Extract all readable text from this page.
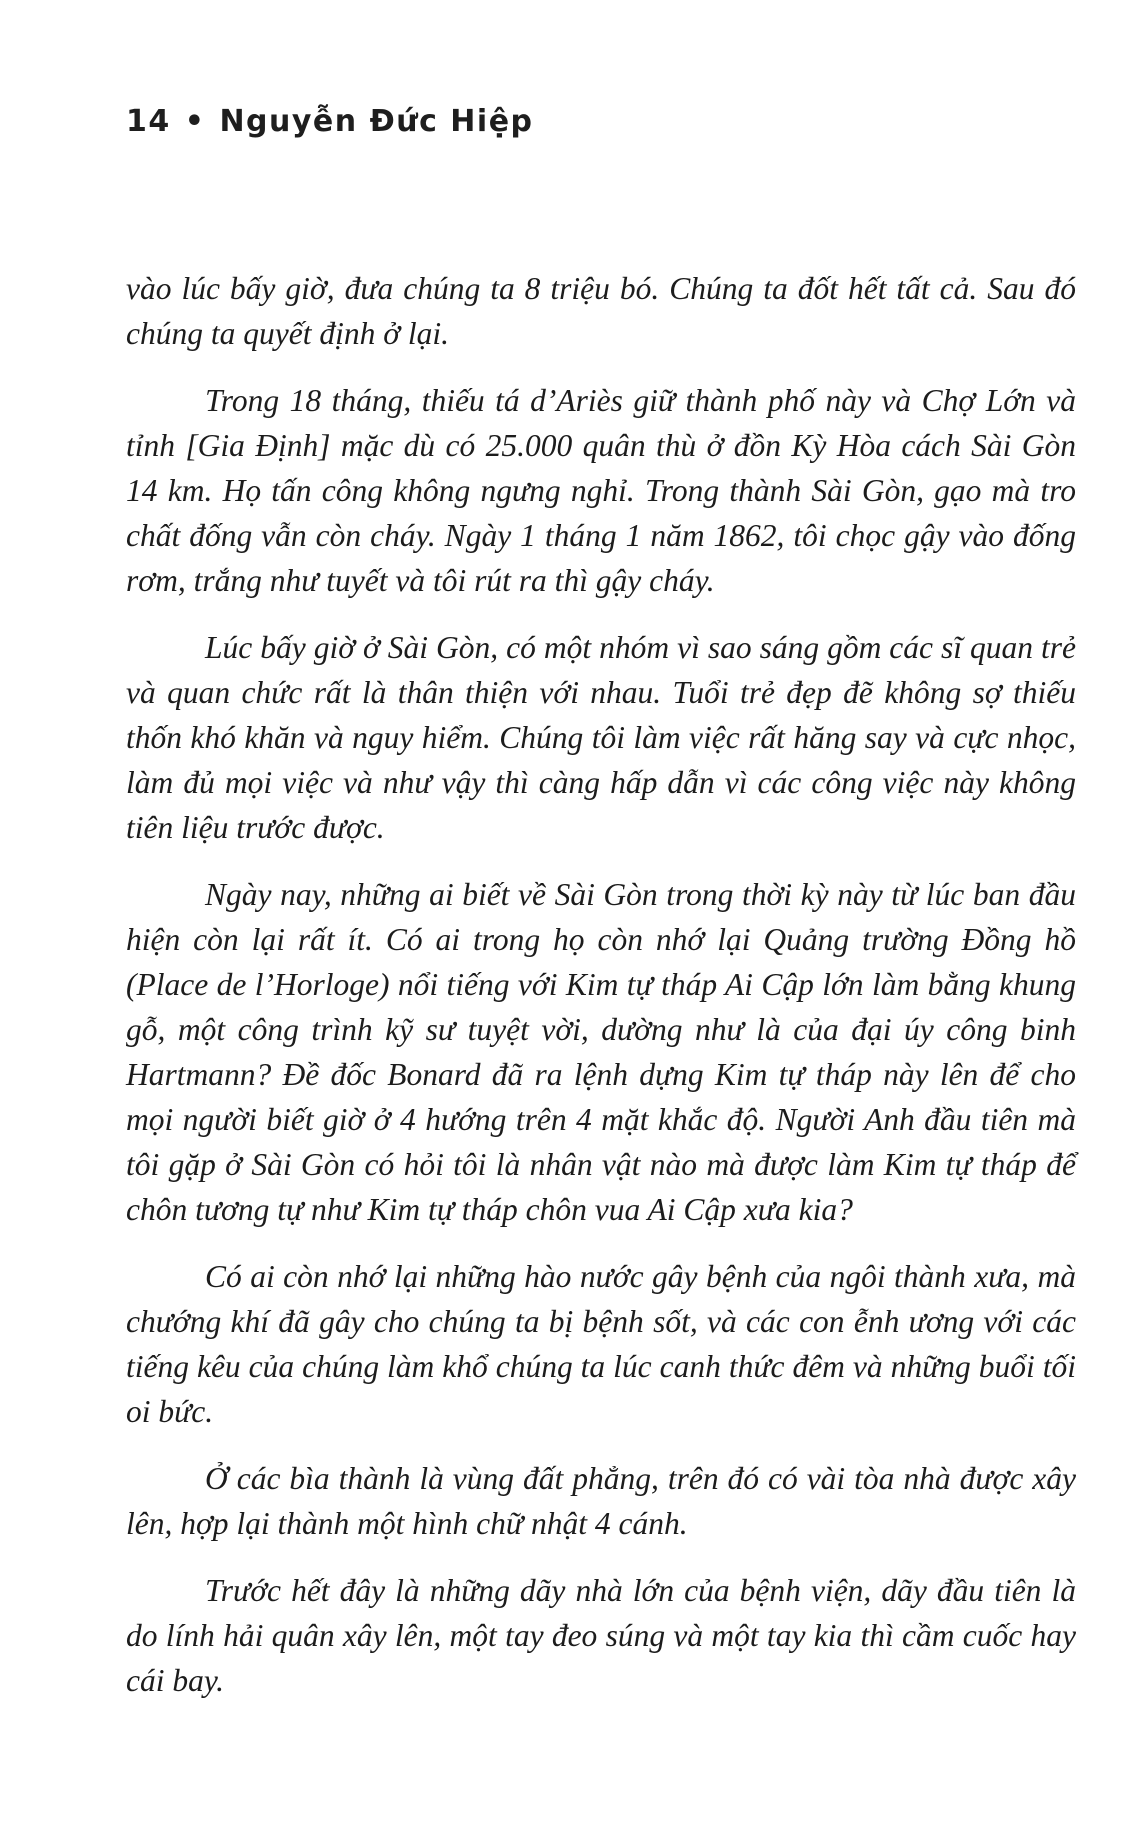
14 • Nguyễn Đức Hiệp

vào lúc bấy giờ, đưa chúng ta 8 triệu bó. Chúng ta đốt hết tất cả. Sau đó chúng ta quyết định ở lại.

Trong 18 tháng, thiếu tá d’Ariès giữ thành phố này và Chợ Lớn và tỉnh [Gia Định] mặc dù có 25.000 quân thù ở đồn Kỳ Hòa cách Sài Gòn 14 km. Họ tấn công không ngưng nghỉ. Trong thành Sài Gòn, gạo mà tro chất đống vẫn còn cháy. Ngày 1 tháng 1 năm 1862, tôi chọc gậy vào đống rơm, trắng như tuyết và tôi rút ra thì gậy cháy.

Lúc bấy giờ ở Sài Gòn, có một nhóm vì sao sáng gồm các sĩ quan trẻ và quan chức rất là thân thiện với nhau. Tuổi trẻ đẹp đẽ không sợ thiếu thốn khó khăn và nguy hiểm. Chúng tôi làm việc rất hăng say và cực nhọc, làm đủ mọi việc và như vậy thì càng hấp dẫn vì các công việc này không tiên liệu trước được.

Ngày nay, những ai biết về Sài Gòn trong thời kỳ này từ lúc ban đầu hiện còn lại rất ít. Có ai trong họ còn nhớ lại Quảng trường Đồng hồ (Place de l’Horloge) nổi tiếng với Kim tự tháp Ai Cập lớn làm bằng khung gỗ, một công trình kỹ sư tuyệt vời, dường như là của đại úy công binh Hartmann? Đề đốc Bonard đã ra lệnh dựng Kim tự tháp này lên để cho mọi người biết giờ ở 4 hướng trên 4 mặt khắc độ. Người Anh đầu tiên mà tôi gặp ở Sài Gòn có hỏi tôi là nhân vật nào mà được làm Kim tự tháp để chôn tương tự như Kim tự tháp chôn vua Ai Cập xưa kia?

Có ai còn nhớ lại những hào nước gây bệnh của ngôi thành xưa, mà chướng khí đã gây cho chúng ta bị bệnh sốt, và các con ễnh ương với các tiếng kêu của chúng làm khổ chúng ta lúc canh thức đêm và những buổi tối oi bức.

Ở các bìa thành là vùng đất phẳng, trên đó có vài tòa nhà được xây lên, hợp lại thành một hình chữ nhật 4 cánh.

Trước hết đây là những dãy nhà lớn của bệnh viện, dãy đầu tiên là do lính hải quân xây lên, một tay đeo súng và một tay kia thì cầm cuốc hay cái bay.
